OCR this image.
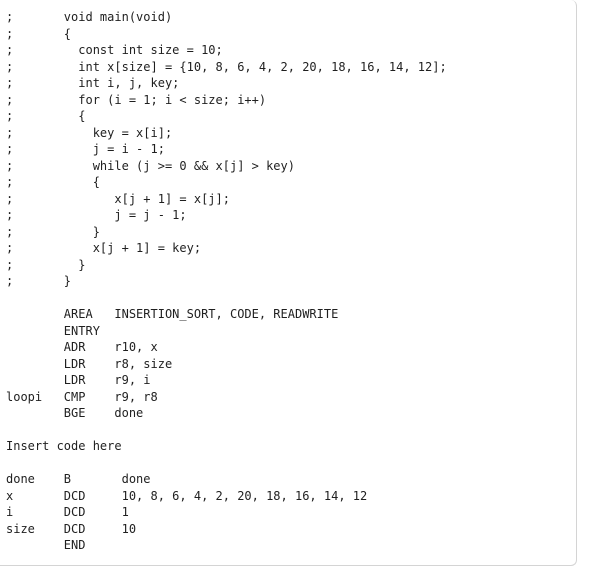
;       void main(void)
;       {
;         const int size = 10;
;         int x[size] = {10, 8, 6, 4, 2, 20, 18, 16, 14, 12];
;         int i, j, key;
;         for (i = 1; i < size; i++)
;         {
;           key = x[i];
;           j = i - 1;
;           while (j >= 0 && x[j] > key)
;           {
;              x[j + 1] = x[j];
;              j = j - 1;
;           }
;           x[j + 1] = key;
;         }
;       }
AREA   INSERTION_SORT, CODE, READWRITE
ENTRY
ADR    r10, x
LDR    r8, size
LDR    r9, i
loopi   CMP    r9, r8
BGE    done
Insert code here
done    B       done
x       DCD     10, 8, 6, 4, 2, 20, 18, 16, 14, 12
i       DCD     1
size    DCD     10
END
